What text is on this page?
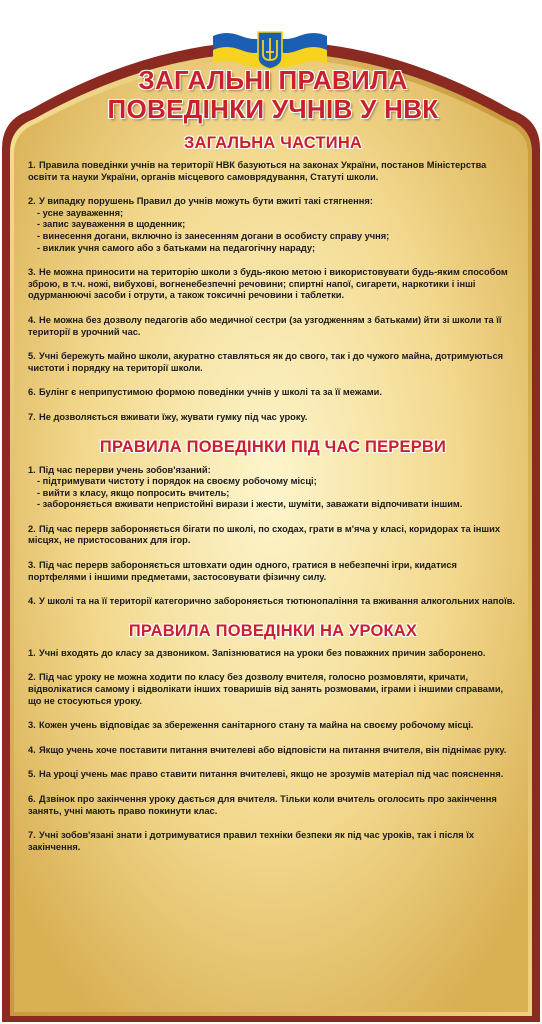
ЗАГАЛЬНІ ПРАВИЛА
ПОВЕДІНКИ УЧНІВ У НВК
ЗАГАЛЬНА ЧАСТИНА
1. Правила поведінки учнів на території НВК базуються на законах України, постанов Міністерства освіти та науки України, органів місцевого самоврядування, Статуті школи.
2. У випадку порушень Правил до учнів можуть бути вжиті такі стягнення:
- усне зауваження;
- запис зауваження в щоденник;
- винесення догани, включно із занесенням догани в особисту справу учня;
- виклик учня самого або з батьками на педагогічну нараду;
3. Не можна приносити на територію школи з будь-якою метою і використовувати будь-яким способом зброю, в т.ч. ножі, вибухові, вогненебезпечні речовини; спиртні напої, сигарети, наркотики і інші одурманюючі засоби і отрути, а також токсичні речовини і таблетки.
4. Не можна без дозволу педагогів або медичної сестри (за узгодженням з батьками) йти зі школи та її території в урочний час.
5. Учні бережуть майно школи, акуратно ставляться як до свого, так і до чужого майна, дотримуються чистоти і порядку на території школи.
6. Булінг є неприпустимою формою поведінки учнів у школі та за її межами.
7. Не дозволяється вживати їжу, жувати гумку під час уроку.
ПРАВИЛА ПОВЕДІНКИ ПІД ЧАС ПЕРЕРВИ
1. Під час перерви учень зобов'язаний:
- підтримувати чистоту і порядок на своєму робочому місці;
- вийти з класу, якщо попросить вчитель;
- забороняється вживати непристойні вирази і жести, шуміти, заважати відпочивати іншим.
2. Під час перерв забороняється бігати по школі, по сходах, грати в м'яча у класі, коридорах та інших місцях, не пристосованих для ігор.
3. Під час перерв забороняється штовхати один одного, гратися в небезпечні ігри, кидатися портфелями і іншими предметами, застосовувати фізичну силу.
4. У школі та на її території категорично забороняється тютюнопаління та вживання алкогольних напоїв.
ПРАВИЛА ПОВЕДІНКИ НА УРОКАХ
1. Учні входять до класу за дзвоником. Запізнюватися на уроки без поважних причин заборонено.
2. Під час уроку не можна ходити по класу без дозволу вчителя, голосно розмовляти, кричати, відволікатися самому і відволікати інших товаришів від занять розмовами, іграми і іншими справами, що не стосуються уроку.
3. Кожен учень відповідає за збереження санітарного стану та майна на своєму робочому місці.
4. Якщо учень хоче поставити питання вчителеві або відповісти на питання вчителя, він піднімає руку.
5. На уроці учень має право ставити питання вчителеві, якщо не зрозумів матеріал під час пояснення.
6. Дзвінок про закінчення уроку дається для вчителя. Тільки коли вчитель оголосить про закінчення занять, учні мають право покинути клас.
7. Учні зобов'язані знати і дотримуватися правил техніки безпеки як під час уроків, так і після їх закінчення.
